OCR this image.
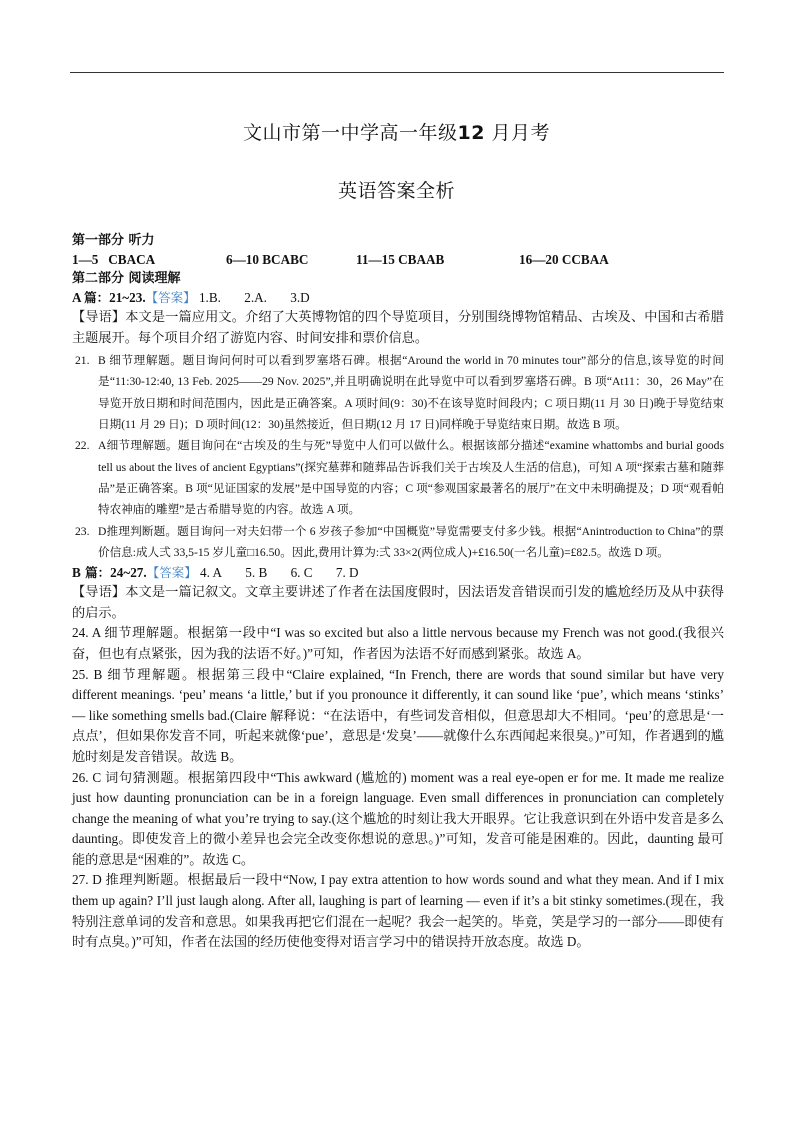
文山市第一中学高一年级12 月月考
英语答案全析
第一部分 听力
1—5 CBACA	6—10 BCABC	11—15 CBAAB	16—20 CCBAA
第二部分 阅读理解
A 篇：21~23.【答案】 1.B. 2.A. 3.D
【导语】本文是一篇应用文。介绍了大英博物馆的四个导览项目，分别围绕博物馆精品、古埃及、中国和古希腊主题展开。每个项目介绍了游览内容、时间安排和票价信息。
21. B 细节理解题。题目询问何时可以看到罗塞塔石碑。根据“Around the world in 70 minutes tour”部分的信息,该导览的时间是“11:30-12:40, 13 Feb. 2025——29 Nov. 2025”,并且明确说明在此导览中可以看到罗塞塔石碑。B 项“At11：30，26 May”在导览开放日期和时间范围内，因此是正确答案。A 项时间(9：30)不在该导览时间段内；C 项日期(11 月 30 日)晚于导览结束日期(11 月 29 日)；D 项时间(12：30)虽然接近，但日期(12 月 17 日)同样晚于导览结束日期。故选 B 项。
22. A细节理解题。题目询问在“古埃及的生与死”导览中人们可以做什么。根据该部分描述“examine whattombs and burial goods tell us about the lives of ancient Egyptians”(探究墓葬和随葬品告诉我们关于古埃及人生活的信息)，可知 A 项“探索古墓和随葬品”是正确答案。B 项“见证国家的发展”是中国导览的内容；C 项“参观国家最著名的展厅”在文中未明确提及；D 项“观看帕特农神庙的雕塑”是古希腊导览的内容。故选 A 项。
23. D推理判断题。题目询问一对夫妇带一个 6 岁孩子参加“中国概览”导览需要支付多少钱。根据“Anintroduction to China”的票价信息:成人弍 33,5-15 岁儿童□16.50。因此,费用计算为:弍 33×2(两位成人)+£16.50(一名儿童)=£82.5。故选 D 项。
B 篇：24~27.【答案】 4. A 5. B 6. C 7. D
【导语】本文是一篇记叙文。文章主要讲述了作者在法国度假时，因法语发音错误而引发的尴尬经历及从中获得的启示。
24. A 细节理解题。根据第一段中“I was so excited but also a little nervous because my French was not good.(我很兴奋，但也有点紧张，因为我的法语不好。)”可知，作者因为法语不好而感到紧张。故选 A。
25. B 细节理解题。根据第三段中“Claire explained, “In French, there are words that sound similar but have very different meanings. ‘peu’ means ‘a little,’ but if you pronounce it differently, it can sound like ‘pue’, which means ‘stinks’ — like something smells bad.(Claire 解释说：“在法语中，有些词发音相似，但意思却大不相同。‘peu’的意思是‘一点点’，但如果你发音不同，听起来就像‘pue’，意思是‘发臭’——就像什么东西闻起来很臭。)”可知，作者遇到的尴尬时刻是发音错误。故选 B。
26. C 词句猜测题。根据第四段中“This awkward (尴尬的) moment was a real eye-open er for me. It made me realize just how daunting pronunciation can be in a foreign language. Even small differences in pronunciation can completely change the meaning of what you’re trying to say.(这个尴尬的时刻让我大开眼界。它让我意识到在外语中发音是多么 daunting。即使发音上的微小差异也会完全改变你想说的意思。)”可知，发音可能是困难的。因此，daunting 最可能的意思是“困难的”。故选 C。
27. D 推理判断题。根据最后一段中“Now, I pay extra attention to how words sound and what they mean. And if I mix them up again? I’ll just laugh along. After all, laughing is part of learning — even if it’s a bit stinky sometimes.(现在，我特别注意单词的发音和意思。如果我再把它们混在一起呢？我会一起笑的。毕竟，笑是学习的一部分——即使有时有点臭。)”可知，作者在法国的经历使他变得对语言学习中的错误持开放态度。故选 D。
